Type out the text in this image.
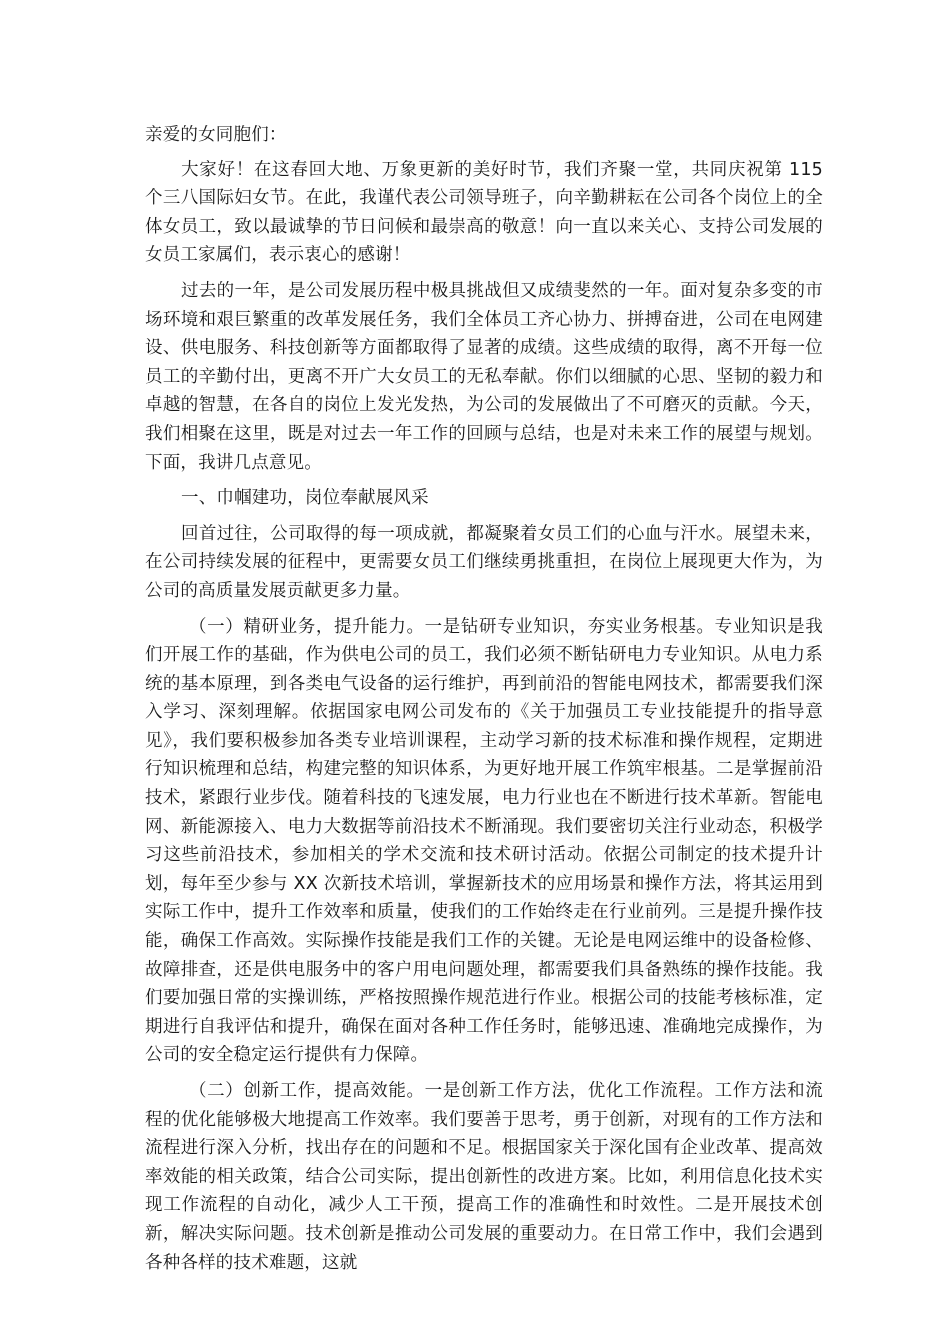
亲爱的女同胞们：

大家好！在这春回大地、万象更新的美好时节，我们齐聚一堂，共同庆祝第 115 个三八国际妇女节。在此，我谨代表公司领导班子，向辛勤耕耘在公司各个岗位上的全体女员工，致以最诚挚的节日问候和最崇高的敬意！向一直以来关心、支持公司发展的女员工家属们，表示衷心的感谢！

过去的一年，是公司发展历程中极具挑战但又成绩斐然的一年。面对复杂多变的市场环境和艰巨繁重的改革发展任务，我们全体员工齐心协力、拼搏奋进，公司在电网建设、供电服务、科技创新等方面都取得了显著的成绩。这些成绩的取得，离不开每一位员工的辛勤付出，更离不开广大女员工的无私奉献。你们以细腻的心思、坚韧的毅力和卓越的智慧，在各自的岗位上发光发热，为公司的发展做出了不可磨灭的贡献。今天，我们相聚在这里，既是对过去一年工作的回顾与总结，也是对未来工作的展望与规划。下面，我讲几点意见。

一、巾帼建功，岗位奉献展风采

回首过往，公司取得的每一项成就，都凝聚着女员工们的心血与汗水。展望未来，在公司持续发展的征程中，更需要女员工们继续勇挑重担，在岗位上展现更大作为，为公司的高质量发展贡献更多力量。

（一）精研业务，提升能力。一是钻研专业知识，夯实业务根基。专业知识是我们开展工作的基础，作为供电公司的员工，我们必须不断钻研电力专业知识。从电力系统的基本原理，到各类电气设备的运行维护，再到前沿的智能电网技术，都需要我们深入学习、深刻理解。依据国家电网公司发布的《关于加强员工专业技能提升的指导意见》，我们要积极参加各类专业培训课程，主动学习新的技术标准和操作规程，定期进行知识梳理和总结，构建完整的知识体系，为更好地开展工作筑牢根基。二是掌握前沿技术，紧跟行业步伐。随着科技的飞速发展，电力行业也在不断进行技术革新。智能电网、新能源接入、电力大数据等前沿技术不断涌现。我们要密切关注行业动态，积极学习这些前沿技术，参加相关的学术交流和技术研讨活动。依据公司制定的技术提升计划，每年至少参与 XX 次新技术培训，掌握新技术的应用场景和操作方法，将其运用到实际工作中，提升工作效率和质量，使我们的工作始终走在行业前列。三是提升操作技能，确保工作高效。实际操作技能是我们工作的关键。无论是电网运维中的设备检修、故障排查，还是供电服务中的客户用电问题处理，都需要我们具备熟练的操作技能。我们要加强日常的实操训练，严格按照操作规范进行作业。根据公司的技能考核标准，定期进行自我评估和提升，确保在面对各种工作任务时，能够迅速、准确地完成操作，为公司的安全稳定运行提供有力保障。

（二）创新工作，提高效能。一是创新工作方法，优化工作流程。工作方法和流程的优化能够极大地提高工作效率。我们要善于思考，勇于创新，对现有的工作方法和流程进行深入分析，找出存在的问题和不足。根据国家关于深化国有企业改革、提高效率效能的相关政策，结合公司实际，提出创新性的改进方案。比如，利用信息化技术实现工作流程的自动化，减少人工干预，提高工作的准确性和时效性。二是开展技术创新，解决实际问题。技术创新是推动公司发展的重要动力。在日常工作中，我们会遇到各种各样的技术难题，这就
